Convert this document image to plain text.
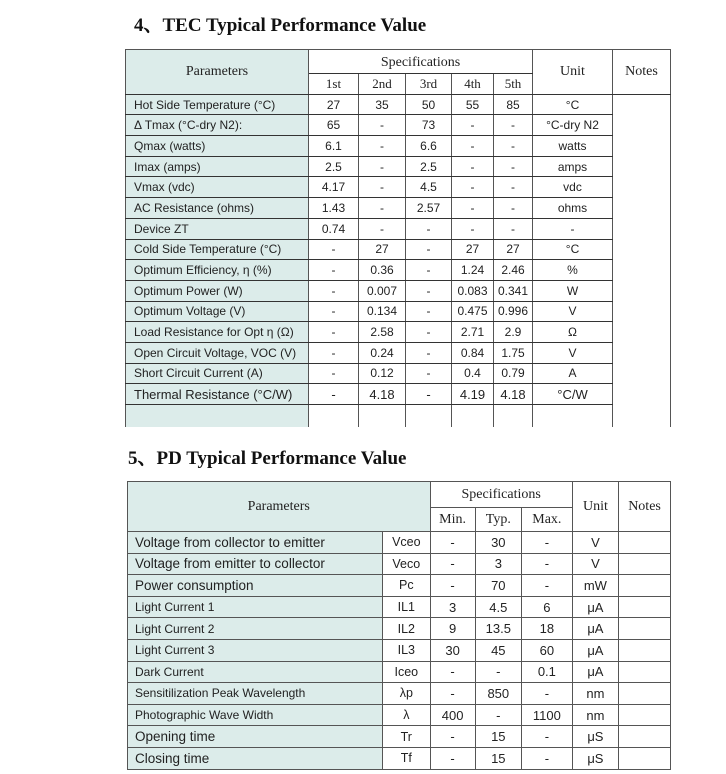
4、TEC Typical Performance Value
Parameters	Specifications					Unit	Notes
	1st	2nd	3rd	4th	5th		
Hot Side Temperature (°C)	27	35	50	55	85	°C	
Δ Tmax (°C-dry N2):	65	-	73	-	-	°C-dry N2	
Qmax (watts)	6.1	-	6.6	-	-	watts	
Imax (amps)	2.5	-	2.5	-	-	amps	
Vmax (vdc)	4.17	-	4.5	-	-	vdc	
AC Resistance (ohms)	1.43	-	2.57	-	-	ohms	
Device ZT	0.74	-	-	-	-	-	
Cold Side Temperature (°C)	-	27	-	27	27	°C	
Optimum Efficiency, η (%)	-	0.36	-	1.24	2.46	%	
Optimum Power (W)	-	0.007	-	0.083	0.341	W	
Optimum Voltage (V)	-	0.134	-	0.475	0.996	V	
Load Resistance for Opt η (Ω)	-	2.58	-	2.71	2.9	Ω	
Open Circuit Voltage, VOC (V)	-	0.24	-	0.84	1.75	V	
Short Circuit Current (A)	-	0.12	-	0.4	0.79	A	
Thermal Resistance (°C/W)	-	4.18	-	4.19	4.18	°C/W	

5、PD Typical Performance Value
Parameters		Specifications			Unit	Notes
		Min.	Typ.	Max.		
Voltage from collector to emitter	Vceo	-	30	-	V	
Voltage from emitter to collector	Veco	-	3	-	V	
Power consumption	Pc	-	70	-	mW	
Light Current 1	IL1	3	4.5	6	μA	
Light Current 2	IL2	9	13.5	18	μA	
Light Current 3	IL3	30	45	60	μA	
Dark Current	Iceo	-	-	0.1	μA	
Sensitilization Peak Wavelength	λp	-	850	-	nm	
Photographic Wave Width	λ	400	-	1100	nm	
Opening time	Tr	-	15	-	μS	
Closing time	Tf	-	15	-	μS	
